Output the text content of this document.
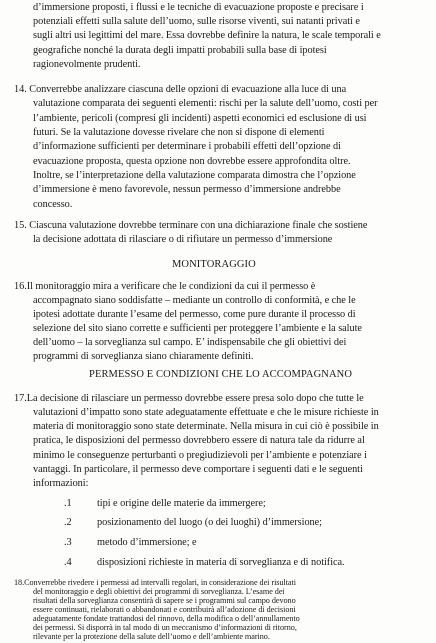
d’immersione proposti, i flussi e le tecniche di evacuazione proposte e precisare i
potenziali effetti sulla salute dell’uomo, sulle risorse viventi, sui natanti privati e
sugli altri usi legittimi del mare. Essa dovrebbe definire la natura, le scale temporali e
geografiche nonché la durata degli impatti probabili sulla base di ipotesi
ragionevolmente prudenti.
14. Converrebbe analizzare ciascuna delle opzioni di evacuazione alla luce di una
valutazione comparata dei seguenti elementi: rischi per la salute dell’uomo, costi per
l’ambiente, pericoli (compresi gli incidenti) aspetti economici ed esclusione di usi
futuri. Se la valutazione dovesse rivelare che non si dispone di elementi
d’informazione sufficienti per determinare i probabili effetti dell’opzione di
evacuazione proposta, questa opzione non dovrebbe essere approfondita oltre.
Inoltre, se l’interpretazione della valutazione comparata dimostra che l’opzione
d’immersione è meno favorevole, nessun permesso d’immersione andrebbe
concesso.
15. Ciascuna valutazione dovrebbe terminare con una dichiarazione finale che sostiene
la decisione adottata di rilasciare o di rifiutare un permesso d’immersione
MONITORAGGIO
16.Il monitoraggio mira a verificare che le condizioni da cui il permesso è
accompagnato siano soddisfatte – mediante un controllo di conformità, e che le
ipotesi adottate durante l’esame del permesso, come pure durante il processo di
selezione del sito siano corrette e sufficienti per proteggere l’ambiente e la salute
dell’uomo – la sorveglianza sul campo. E’ indispensabile che gli obiettivi dei
programmi di sorveglianza siano chiaramente definiti.
PERMESSO E CONDIZIONI CHE LO ACCOMPAGNANO
17.La decisione di rilasciare un permesso dovrebbe essere presa solo dopo che tutte le
valutazioni d’impatto sono state adeguatamente effettuate e che le misure richieste in
materia di monitoraggio sono state determinate. Nella misura in cui ciò è possibile in
pratica, le disposizioni del permesso dovrebbero essere di natura tale da ridurre al
minimo le conseguenze perturbanti o pregiudizievoli per l’ambiente e potenziare i
vantaggi. In particolare, il permesso deve comportare i seguenti dati e le seguenti
informazioni:
.1 tipi e origine delle materie da immergere;
.2 posizionamento del luogo (o dei luoghi) d’immersione;
.3 metodo d’immersione; e
.4 disposizioni richieste in materia di sorveglianza e di notifica.
18.Converrebbe rivedere i permessi ad intervalli regolari, in considerazione dei risultati
del monitoraggio e degli obiettivi dei programmi di sorveglianza. L’esame dei
risultati della sorveglianza consentirà di sapere se i programmi sul campo devono
essere continuati, rielaborati o abbandonati e contribuirà all’adozione di decisioni
adeguatamente fondate trattandosi del rinnovo, della modifica o dell’annullamento
dei permessi. Si disporrà in tal modo di un meccanismo d’informazioni di ritorno,
rilevante per la protezione della salute dell’uomo e dell’ambiente marino.
